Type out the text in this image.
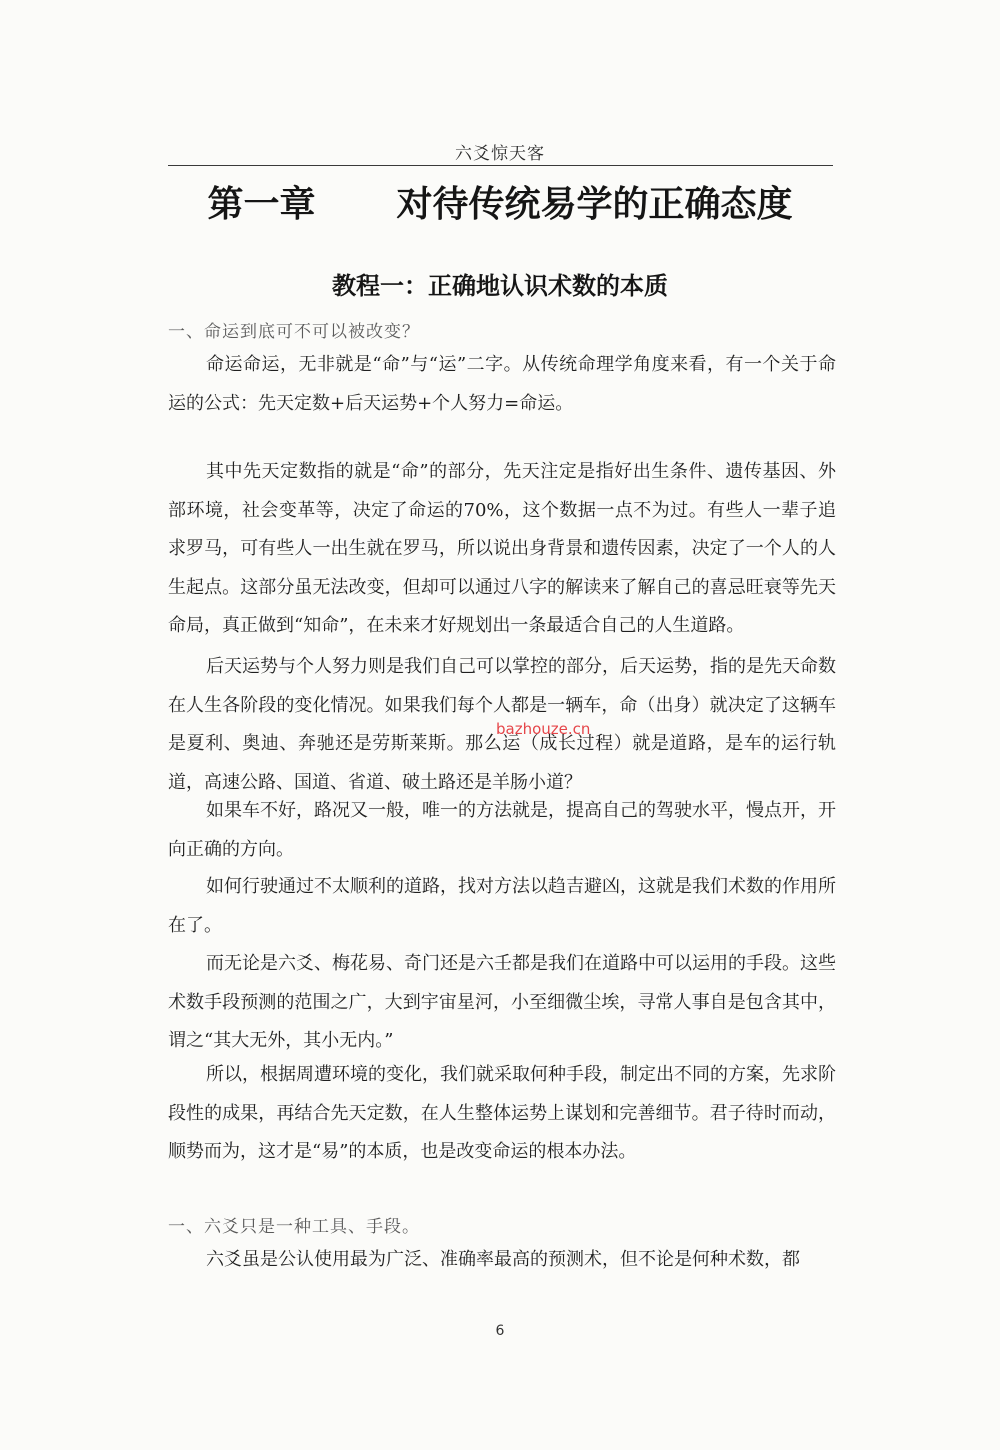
六爻惊天客
第一章  对待传统易学的正确态度
教程一：正确地认识术数的本质
一、命运到底可不可以被改变？
命运命运，无非就是“命”与“运”二字。从传统命理学角度来看，有一个关于命运的公式：先天定数+后天运势+个人努力=命运。
其中先天定数指的就是“命”的部分，先天注定是指好出生条件、遗传基因、外部环境，社会变革等，决定了命运的70%，这个数据一点不为过。有些人一辈子追求罗马，可有些人一出生就在罗马，所以说出身背景和遗传因素，决定了一个人的人生起点。这部分虽无法改变，但却可以通过八字的解读来了解自己的喜忌旺衰等先天命局，真正做到“知命”，在未来才好规划出一条最适合自己的人生道路。
后天运势与个人努力则是我们自己可以掌控的部分，后天运势，指的是先天命数在人生各阶段的变化情况。如果我们每个人都是一辆车，命（出身）就决定了这辆车是夏利、奥迪、奔驰还是劳斯莱斯。那么运（成长过程）就是道路，是车的运行轨道，高速公路、国道、省道、破土路还是羊肠小道？
如果车不好，路况又一般，唯一的方法就是，提高自己的驾驶水平，慢点开，开向正确的方向。
如何行驶通过不太顺利的道路，找对方法以趋吉避凶，这就是我们术数的作用所在了。
而无论是六爻、梅花易、奇门还是六壬都是我们在道路中可以运用的手段。这些术数手段预测的范围之广，大到宇宙星河，小至细微尘埃，寻常人事自是包含其中，谓之“其大无外，其小无内。”
所以，根据周遭环境的变化，我们就采取何种手段，制定出不同的方案，先求阶段性的成果，再结合先天定数，在人生整体运势上谋划和完善细节。君子待时而动，顺势而为，这才是“易”的本质，也是改变命运的根本办法。
一、六爻只是一种工具、手段。
六爻虽是公认使用最为广泛、准确率最高的预测术，但不论是何种术数，都
bazhouze.cn
6
